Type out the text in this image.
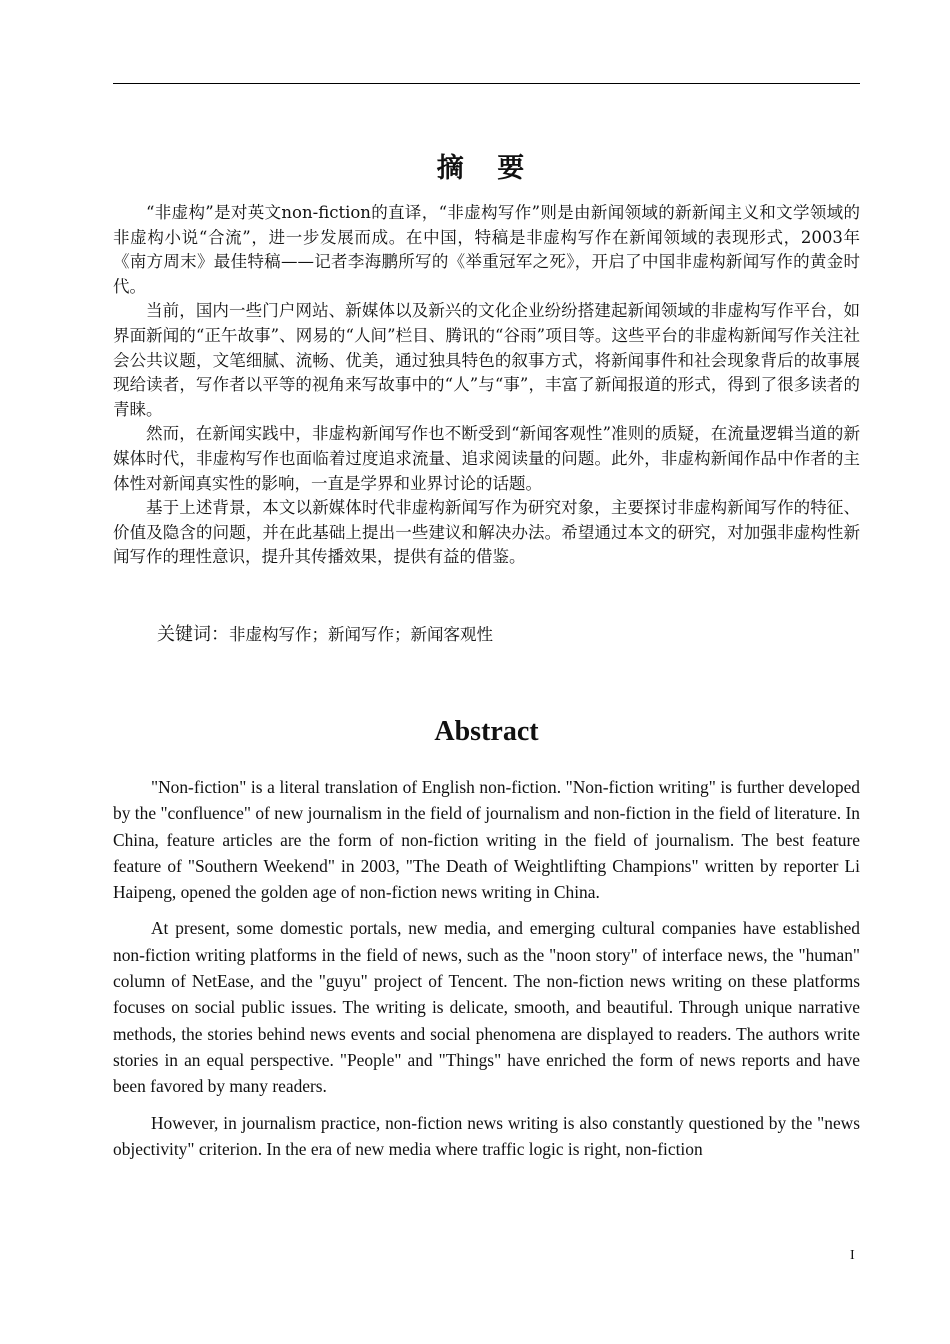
摘 要

“非虚构”是对英文non-fiction的直译，“非虚构写作”则是由新闻领域的新新闻主义和文学领域的非虚构小说“合流”，进一步发展而成。在中国，特稿是非虚构写作在新闻领域的表现形式，2003年《南方周末》最佳特稿——记者李海鹏所写的《举重冠军之死》，开启了中国非虚构新闻写作的黄金时代。

当前，国内一些门户网站、新媒体以及新兴的文化企业纷纷搭建起新闻领域的非虚构写作平台，如界面新闻的“正午故事”、网易的“人间”栏目、腾讯的“谷雨”项目等。这些平台的非虚构新闻写作关注社会公共议题，文笔细腻、流畅、优美，通过独具特色的叙事方式，将新闻事件和社会现象背后的故事展现给读者，写作者以平等的视角来写故事中的“人”与“事”，丰富了新闻报道的形式，得到了很多读者的青睐。

然而，在新闻实践中，非虚构新闻写作也不断受到“新闻客观性”准则的质疑，在流量逻辑当道的新媒体时代，非虚构写作也面临着过度追求流量、追求阅读量的问题。此外，非虚构新闻作品中作者的主体性对新闻真实性的影响，一直是学界和业界讨论的话题。

基于上述背景，本文以新媒体时代非虚构新闻写作为研究对象，主要探讨非虚构新闻写作的特征、价值及隐含的问题，并在此基础上提出一些建议和解决办法。希望通过本文的研究，对加强非虚构性新闻写作的理性意识，提升其传播效果，提供有益的借鉴。

关键词：非虚构写作；新闻写作；新闻客观性
Abstract

"Non-fiction" is a literal translation of English non-fiction. "Non-fiction writing" is further developed by the "confluence" of new journalism in the field of journalism and non-fiction in the field of literature. In China, feature articles are the form of non-fiction writing in the field of journalism. The best feature feature of "Southern Weekend" in 2003, "The Death of Weightlifting Champions" written by reporter Li Haipeng, opened the golden age of non-fiction news writing in China.

At present, some domestic portals, new media, and emerging cultural companies have established non-fiction writing platforms in the field of news, such as the "noon story" of interface news, the "human" column of NetEase, and the "guyu" project of Tencent. The non-fiction news writing on these platforms focuses on social public issues. The writing is delicate, smooth, and beautiful. Through unique narrative methods, the stories behind news events and social phenomena are displayed to readers. The authors write stories in an equal perspective. "People" and "Things" have enriched the form of news reports and have been favored by many readers.

However, in journalism practice, non-fiction news writing is also constantly questioned by the "news objectivity" criterion. In the era of new media where traffic logic is right, non-fiction

I
